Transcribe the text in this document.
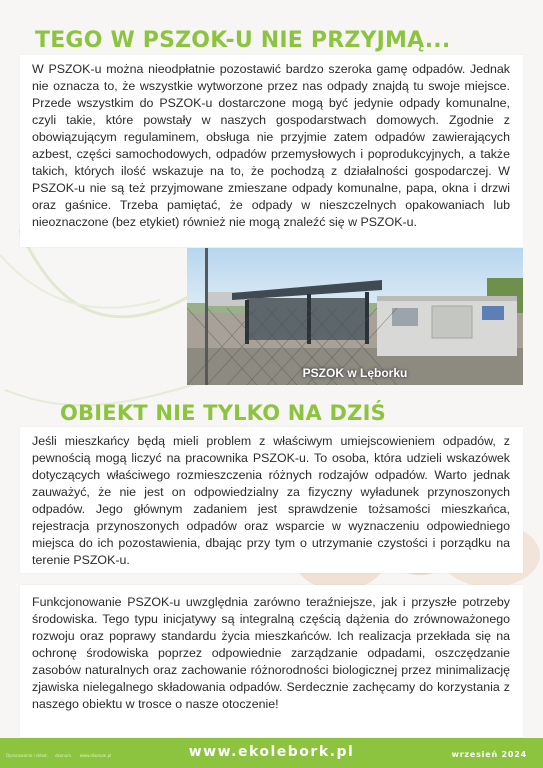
TEGO W PSZOK-U NIE PRZYJMĄ...

W PSZOK-u można nieodpłatnie pozostawić bardzo szeroka gamę odpadów. Jednak nie oznacza to, że wszystkie wytworzone przez nas odpady znajdą tu swoje miejsce. Przede wszystkim do PSZOK-u dostarczone mogą być jedynie odpady komunalne, czyli takie, które powstały w naszych gospodarstwach domowych. Zgodnie z obowiązującym regulaminem, obsługa nie przyjmie zatem odpadów zawierających azbest, części samochodowych, odpadów przemysłowych i poprodukcyjnych, a także takich, których ilość wskazuje na to, że pochodzą z działalności gospodarczej. W PSZOK-u nie są też przyjmowane zmieszane odpady komunalne, papa, okna i drzwi oraz gaśnice. Trzeba pamiętać, że odpady w nieszczelnych opakowaniach lub nieoznaczone (bez etykiet) również nie mogą znaleźć się w PSZOK-u.

PSZOK w Lęborku
OBIEKT NIE TYLKO NA DZIŚ

Jeśli mieszkańcy będą mieli problem z właściwym umiejscowieniem odpadów, z pewnością mogą liczyć na pracownika PSZOK-u. To osoba, która udzieli wskazówek dotyczących właściwego rozmieszczenia różnych rodzajów odpadów. Warto jednak zauważyć, że nie jest on odpowiedzialny za fizyczny wyładunek przynoszonych odpadów. Jego głównym zadaniem jest sprawdzenie tożsamości mieszkańca, rejestracja przynoszonych odpadów oraz wsparcie w wyznaczeniu odpowiedniego miejsca do ich pozostawienia, dbając przy tym o utrzymanie czystości i porządku na terenie PSZOK-u.

Funkcjonowanie PSZOK-u uwzględnia zarówno teraźniejsze, jak i przyszłe potrzeby środowiska. Tego typu inicjatywy są integralną częścią dążenia do zrównoważonego rozwoju oraz poprawy standardu życia mieszkańców. Ich realizacja przekłada się na ochronę środowiska poprzez odpowiednie zarządzanie odpadami, oszczędzanie zasobów naturalnych oraz zachowanie różnorodności biologicznej przez minimalizację zjawiska nielegalnego składowania odpadów. Serdecznie zachęcamy do korzystania z naszego obiektu w trosce o nasze otoczenie!

Opracowanie i skład: ekonum. www.ekonum.pl	www.ekolebork.pl	wrzesień 2024
